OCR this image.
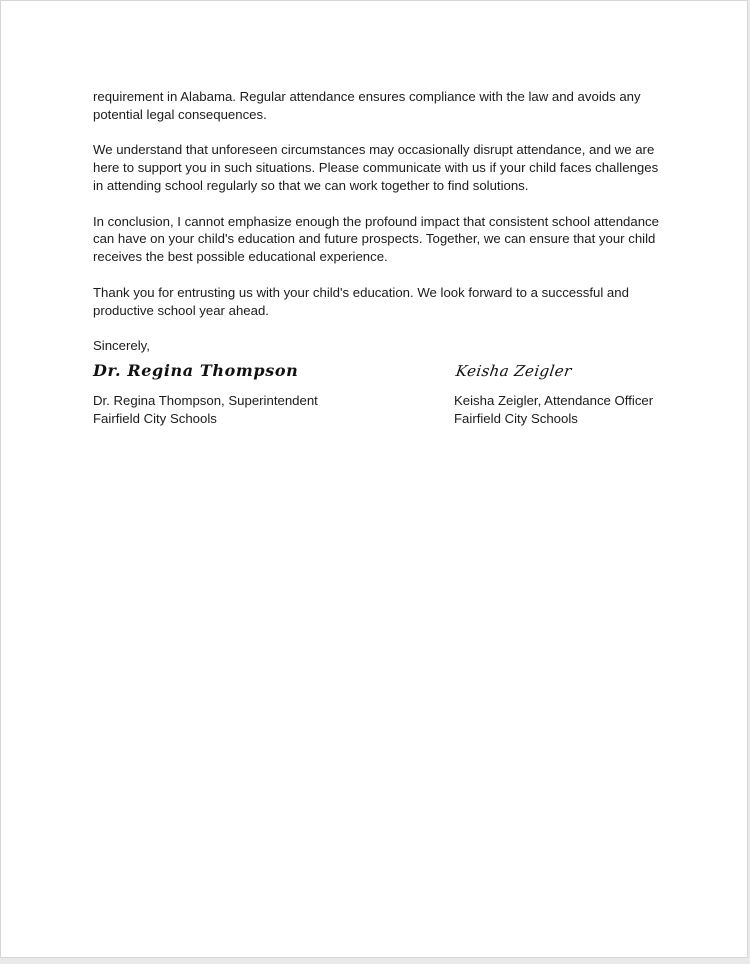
requirement in Alabama. Regular attendance ensures compliance with the law and avoids any potential legal consequences.

We understand that unforeseen circumstances may occasionally disrupt attendance, and we are here to support you in such situations. Please communicate with us if your child faces challenges in attending school regularly so that we can work together to find solutions.

In conclusion, I cannot emphasize enough the profound impact that consistent school attendance can have on your child's education and future prospects. Together, we can ensure that your child receives the best possible educational experience.

Thank you for entrusting us with your child's education. We look forward to a successful and productive school year ahead.

Sincerely,

Dr. Regina Thompson
Dr. Regina Thompson, Superintendent
Fairfield City Schools
Keisha Zeigler
Keisha Zeigler, Attendance Officer
Fairfield City Schools
